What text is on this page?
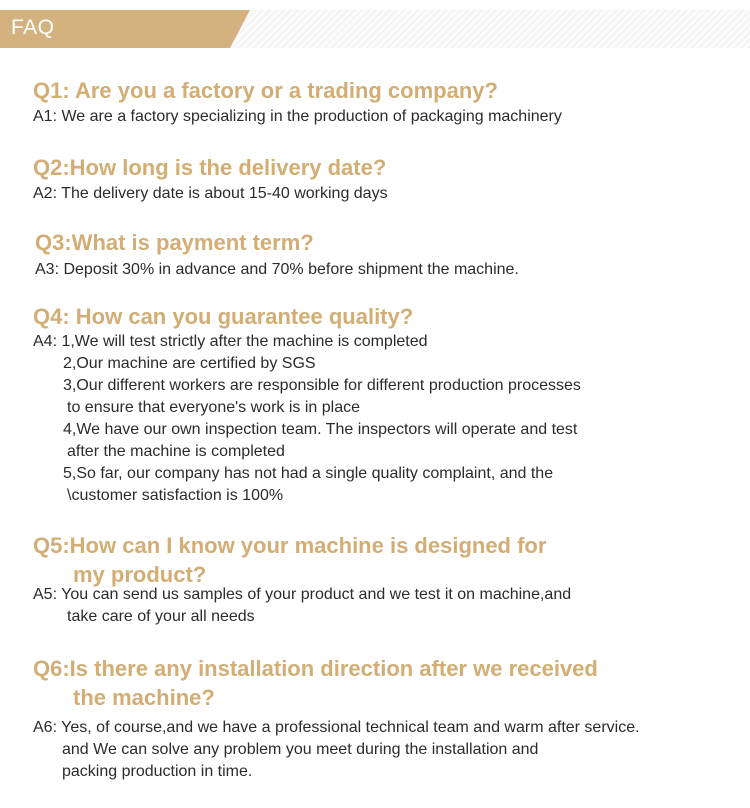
FAQ

Q1: Are you a factory or a trading company?

A1: We are a factory specializing in the production of packaging machinery

Q2:How long is the delivery date?

A2: The delivery date is about 15-40 working days

Q3:What is payment term?

A3: Deposit 30% in advance and 70% before shipment the machine.

Q4: How can you guarantee quality?

A4: 1,We will test strictly after the machine is completed

2,Our machine are certified by SGS

3,Our different workers are responsible for different production processes

to ensure that everyone's work is in place

4,We have our own inspection team. The inspectors will operate and test

after the machine is completed

5,So far, our company has not had a single quality complaint, and the

\customer satisfaction is 100%

Q5:How can I know your machine is designed for

my product?

A5: You can send us samples of your product and we test it on machine,and

take care of your all needs

Q6:Is there any installation direction after we received

the machine?

A6: Yes, of course,and we have a professional technical team and warm after service.

and We can solve any problem you meet during the installation and

packing production in time.
